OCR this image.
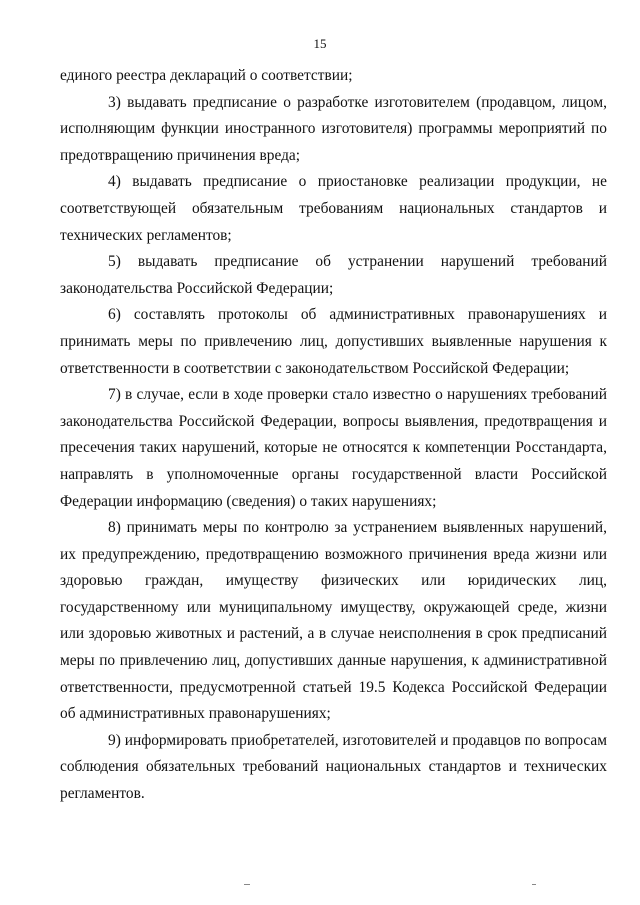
15

единого реестра деклараций о соответствии;

3) выдавать предписание о разработке изготовителем (продавцом, лицом, исполняющим функции иностранного изготовителя) программы мероприятий по предотвращению причинения вреда;

4) выдавать предписание о приостановке реализации продукции, не соответствующей обязательным требованиям национальных стандартов и технических регламентов;

5) выдавать предписание об устранении нарушений требований законодательства Российской Федерации;

6) составлять протоколы об административных правонарушениях и принимать меры по привлечению лиц, допустивших выявленные нарушения к ответственности в соответствии с законодательством Российской Федерации;

7) в случае, если в ходе проверки стало известно о нарушениях требований законодательства Российской Федерации, вопросы выявления, предотвращения и пресечения таких нарушений, которые не относятся к компетенции Росстандарта, направлять в уполномоченные органы государственной власти Российской Федерации информацию (сведения) о таких нарушениях;

8) принимать меры по контролю за устранением выявленных нарушений, их предупреждению, предотвращению возможного причинения вреда жизни или здоровью граждан, имуществу физических или юридических лиц, государственному или муниципальному имуществу, окружающей среде, жизни или здоровью животных и растений, а в случае неисполнения в срок предписаний меры по привлечению лиц, допустивших данные нарушения, к административной ответственности, предусмотренной статьей 19.5 Кодекса Российской Федерации об административных правонарушениях;

9) информировать приобретателей, изготовителей и продавцов по вопросам соблюдения обязательных требований национальных стандартов и технических регламентов.
